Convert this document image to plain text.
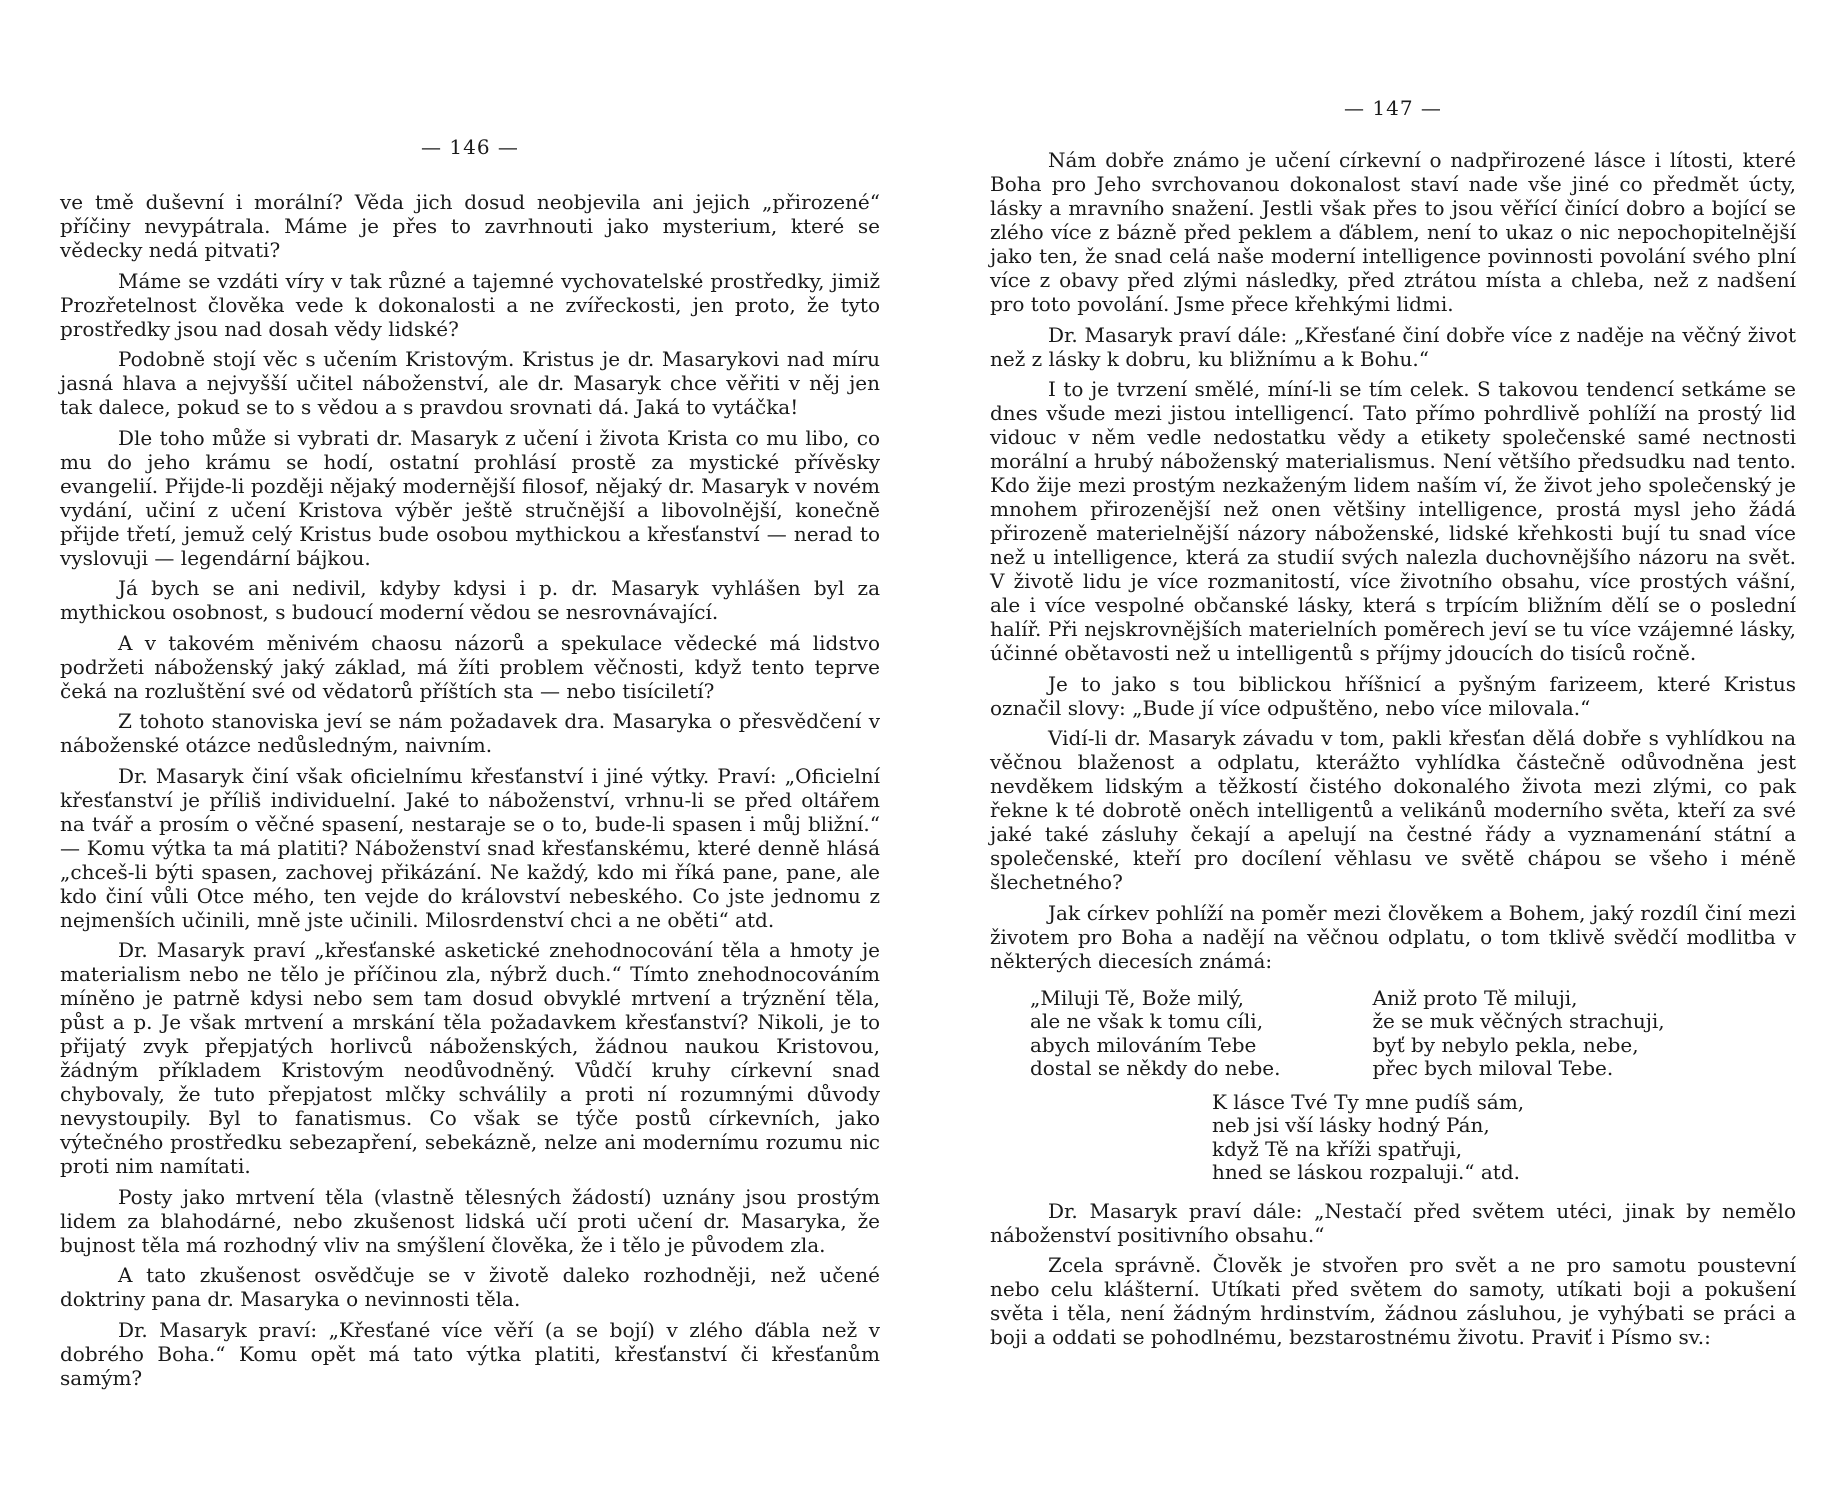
— 146 —

ve tmě duševní i morální? Věda jich dosud neobjevila ani jejich „přirozené“ příčiny nevypátrala. Máme je přes to zavrhnouti jako mysterium, které se vědecky nedá pitvati?

Máme se vzdáti víry v tak různé a tajemné vychovatelské prostředky, jimiž Prozřetelnost člověka vede k dokonalosti a ne zvířeckosti, jen proto, že tyto prostředky jsou nad dosah vědy lidské?

Podobně stojí věc s učením Kristovým. Kristus je dr. Masarykovi nad míru jasná hlava a nejvyšší učitel náboženství, ale dr. Masaryk chce věřiti v něj jen tak dalece, pokud se to s vědou a s pravdou srovnati dá. Jaká to vytáčka!

Dle toho může si vybrati dr. Masaryk z učení i života Krista co mu libo, co mu do jeho krámu se hodí, ostatní prohlásí prostě za mystické přívěsky evangelií. Přijde-li později nějaký modernější filosof, nějaký dr. Masaryk v novém vydání, učiní z učení Kristova výběr ještě stručnější a libovolnější, konečně přijde třetí, jemuž celý Kristus bude osobou mythickou a křesťanství — nerad to vyslovuji — legendární bájkou.

Já bych se ani nedivil, kdyby kdysi i p. dr. Masaryk vyhlášen byl za mythickou osobnost, s budoucí moderní vědou se nesrovnávající.

A v takovém měnivém chaosu názorů a spekulace vědecké má lidstvo podržeti náboženský jaký základ, má žíti problem věčnosti, když tento teprve čeká na rozluštění své od vědatorů příštích sta — nebo tisíciletí?

Z tohoto stanoviska jeví se nám požadavek dra. Masaryka o přesvědčení v náboženské otázce nedůsledným, naivním.

Dr. Masaryk činí však oficielnímu křesťanství i jiné výtky. Praví: „Oficielní křesťanství je příliš individuelní. Jaké to náboženství, vrhnu-li se před oltářem na tvář a prosím o věčné spasení, nestaraje se o to, bude-li spasen i můj bližní.“ — Komu výtka ta má platiti? Náboženství snad křesťanskému, které denně hlásá „chceš-li býti spasen, zachovej přikázání. Ne každý, kdo mi říká pane, pane, ale kdo činí vůli Otce mého, ten vejde do království nebeského. Co jste jednomu z nejmenších učinili, mně jste učinili. Milosrdenství chci a ne oběti“ atd.

Dr. Masaryk praví „křesťanské asketické znehodnocování těla a hmoty je materialism nebo ne tělo je příčinou zla, nýbrž duch.“ Tímto znehodnocováním míněno je patrně kdysi nebo sem tam dosud obvyklé mrtvení a trýznění těla, půst a p. Je však mrtvení a mrskání těla požadavkem křesťanství? Nikoli, je to přijatý zvyk přepjatých horlivců náboženských, žádnou naukou Kristovou, žádným příkladem Kristovým neodůvodněný. Vůdčí kruhy církevní snad chybovaly, že tuto přepjatost mlčky schválily a proti ní rozumnými důvody nevystoupily. Byl to fanatismus. Co však se týče postů církevních, jako výtečného prostředku sebezapření, sebekázně, nelze ani modernímu rozumu nic proti nim namítati.

Posty jako mrtvení těla (vlastně tělesných žádostí) uznány jsou prostým lidem za blahodárné, nebo zkušenost lidská učí proti učení dr. Masaryka, že bujnost těla má rozhodný vliv na smýšlení člověka, že i tělo je původem zla.

A tato zkušenost osvědčuje se v životě daleko rozhodněji, než učené doktriny pana dr. Masaryka o nevinnosti těla.

Dr. Masaryk praví: „Křesťané více věří (a se bojí) v zlého ďábla než v dobrého Boha.“ Komu opět má tato výtka platiti, křesťanství či křesťanům samým?

— 147 —

Nám dobře známo je učení církevní o nadpřirozené lásce i lítosti, které Boha pro Jeho svrchovanou dokonalost staví nade vše jiné co předmět úcty, lásky a mravního snažení. Jestli však přes to jsou věřící činící dobro a bojící se zlého více z bázně před peklem a ďáblem, není to ukaz o nic nepochopitelnější jako ten, že snad celá naše moderní intelligence povinnosti povolání svého plní více z obavy před zlými následky, před ztrátou místa a chleba, než z nadšení pro toto povolání. Jsme přece křehkými lidmi.

Dr. Masaryk praví dále: „Křesťané činí dobře více z naděje na věčný život než z lásky k dobru, ku bližnímu a k Bohu.“

I to je tvrzení smělé, míní-li se tím celek. S takovou tendencí setkáme se dnes všude mezi jistou intelligencí. Tato přímo pohrdlivě pohlíží na prostý lid vidouc v něm vedle nedostatku vědy a etikety společenské samé nectnosti morální a hrubý náboženský materialismus. Není většího předsudku nad tento. Kdo žije mezi prostým nezkaženým lidem naším ví, že život jeho společenský je mnohem přirozenější než onen většiny intelligence, prostá mysl jeho žádá přirozeně materielnější názory náboženské, lidské křehkosti bují tu snad více než u intelligence, která za studií svých nalezla duchovnějšího názoru na svět. V životě lidu je více rozmanitostí, více životního obsahu, více prostých vášní, ale i více vespolné občanské lásky, která s trpícím bližním dělí se o poslední halíř. Při nejskrovnějších materielních poměrech jeví se tu více vzájemné lásky, účinné obětavosti než u intelligentů s příjmy jdoucích do tisíců ročně.

Je to jako s tou biblickou hříšnicí a pyšným farizeem, které Kristus označil slovy: „Bude jí více odpuštěno, nebo více milovala.“

Vidí-li dr. Masaryk závadu v tom, pakli křesťan dělá dobře s vyhlídkou na věčnou blaženost a odplatu, kterážto vyhlídka částečně odůvodněna jest nevděkem lidským a těžkostí čistého dokonalého života mezi zlými, co pak řekne k té dobrotě oněch intelligentů a velikánů moderního světa, kteří za své jaké také zásluhy čekají a apelují na čestné řády a vyznamenání státní a společenské, kteří pro docílení věhlasu ve světě chápou se všeho i méně šlechetného?

Jak církev pohlíží na poměr mezi člověkem a Bohem, jaký rozdíl činí mezi životem pro Boha a nadějí na věčnou odplatu, o tom tklivě svědčí modlitba v některých diecesích známá:

„Miluji Tě, Bože milý,
ale ne však k tomu cíli,
abych milováním Tebe
dostal se někdy do nebe.
Aniž proto Tě miluji,
že se muk věčných strachuji,
byť by nebylo pekla, nebe,
přec bych miloval Tebe.
K lásce Tvé Ty mne pudíš sám,
neb jsi vší lásky hodný Pán,
když Tě na kříži spatřuji,
hned se láskou rozpaluji.“ atd.

Dr. Masaryk praví dále: „Nestačí před světem utéci, jinak by nemělo náboženství positivního obsahu.“

Zcela správně. Člověk je stvořen pro svět a ne pro samotu poustevní nebo celu klášterní. Utíkati před světem do samoty, utíkati boji a pokušení světa i těla, není žádným hrdinstvím, žádnou zásluhou, je vyhýbati se práci a boji a oddati se pohodlnému, bezstarostnému životu. Praviť i Písmo sv.:
